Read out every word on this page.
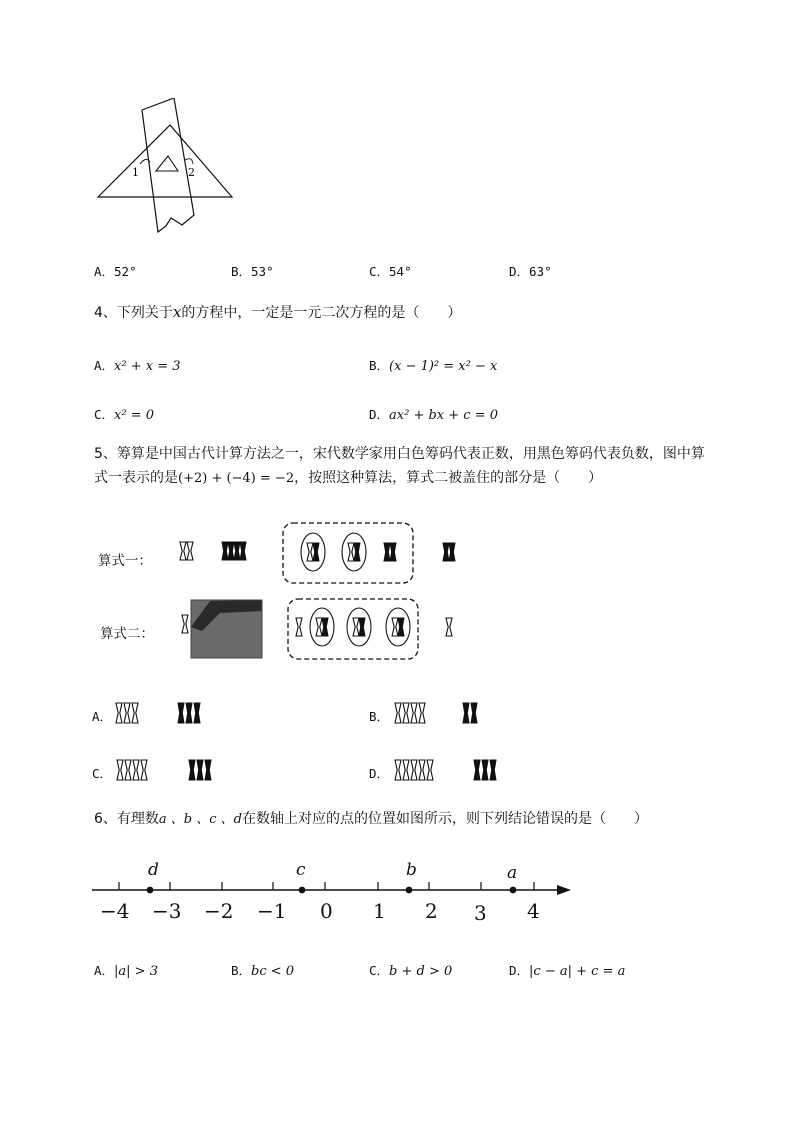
1	2
A．52°	B．53°	C．54°	D．63°
4、下列关于x的方程中，一定是一元二次方程的是（　　）
A．x² + x = 3	B．(x − 1)² = x² − x
C．x² = 0	D．ax² + bx + c = 0
5、筹算是中国古代计算方法之一，宋代数学家用白色筹码代表正数，用黑色筹码代表负数，图中算
式一表示的是(+2) + (−4) = −2，按照这种算法，算式二被盖住的部分是（　　）
算式一：
算式二：
A．	B．
C．	D．
6、有理数a 、b 、c 、d在数轴上对应的点的位置如图所示，则下列结论错误的是（　　）
−4 −3 −2 −1 0 1 2 3 4
d	c	b	a
A．|a| > 3	B．bc < 0	C．b + d > 0	D．|c − a| + c = a
